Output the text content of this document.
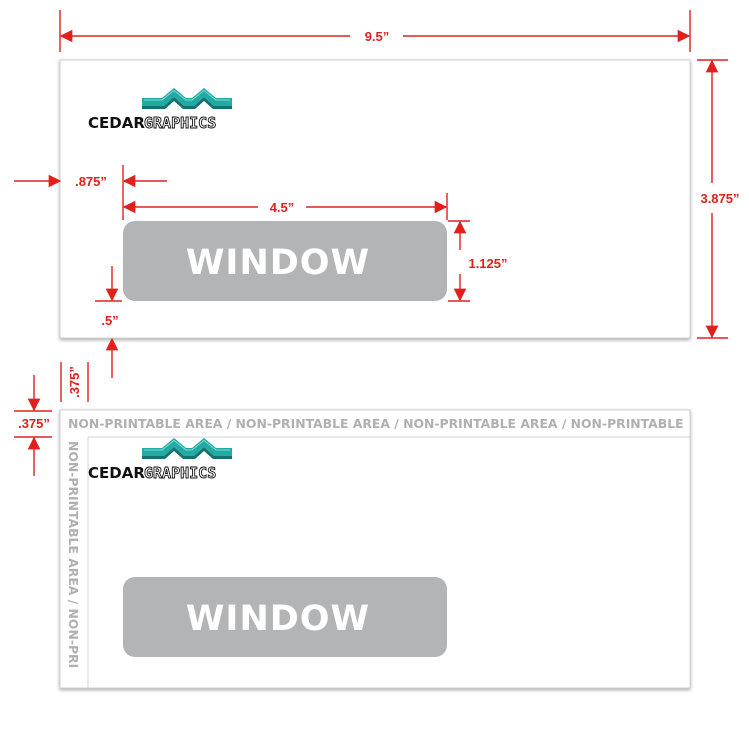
CEDAR GRAPHICS
WINDOW
9.5”
3.875”
.875”
4.5”
1.125”
.5”
NON-PRINTABLE AREA / NON-PRINTABLE AREA / NON-PRINTABLE AREA / NON-PRINTABLE
NON-PRINTABLE AREA / NON-PRI CEDAR GRAPHICS
WINDOW
.375”
.375”
